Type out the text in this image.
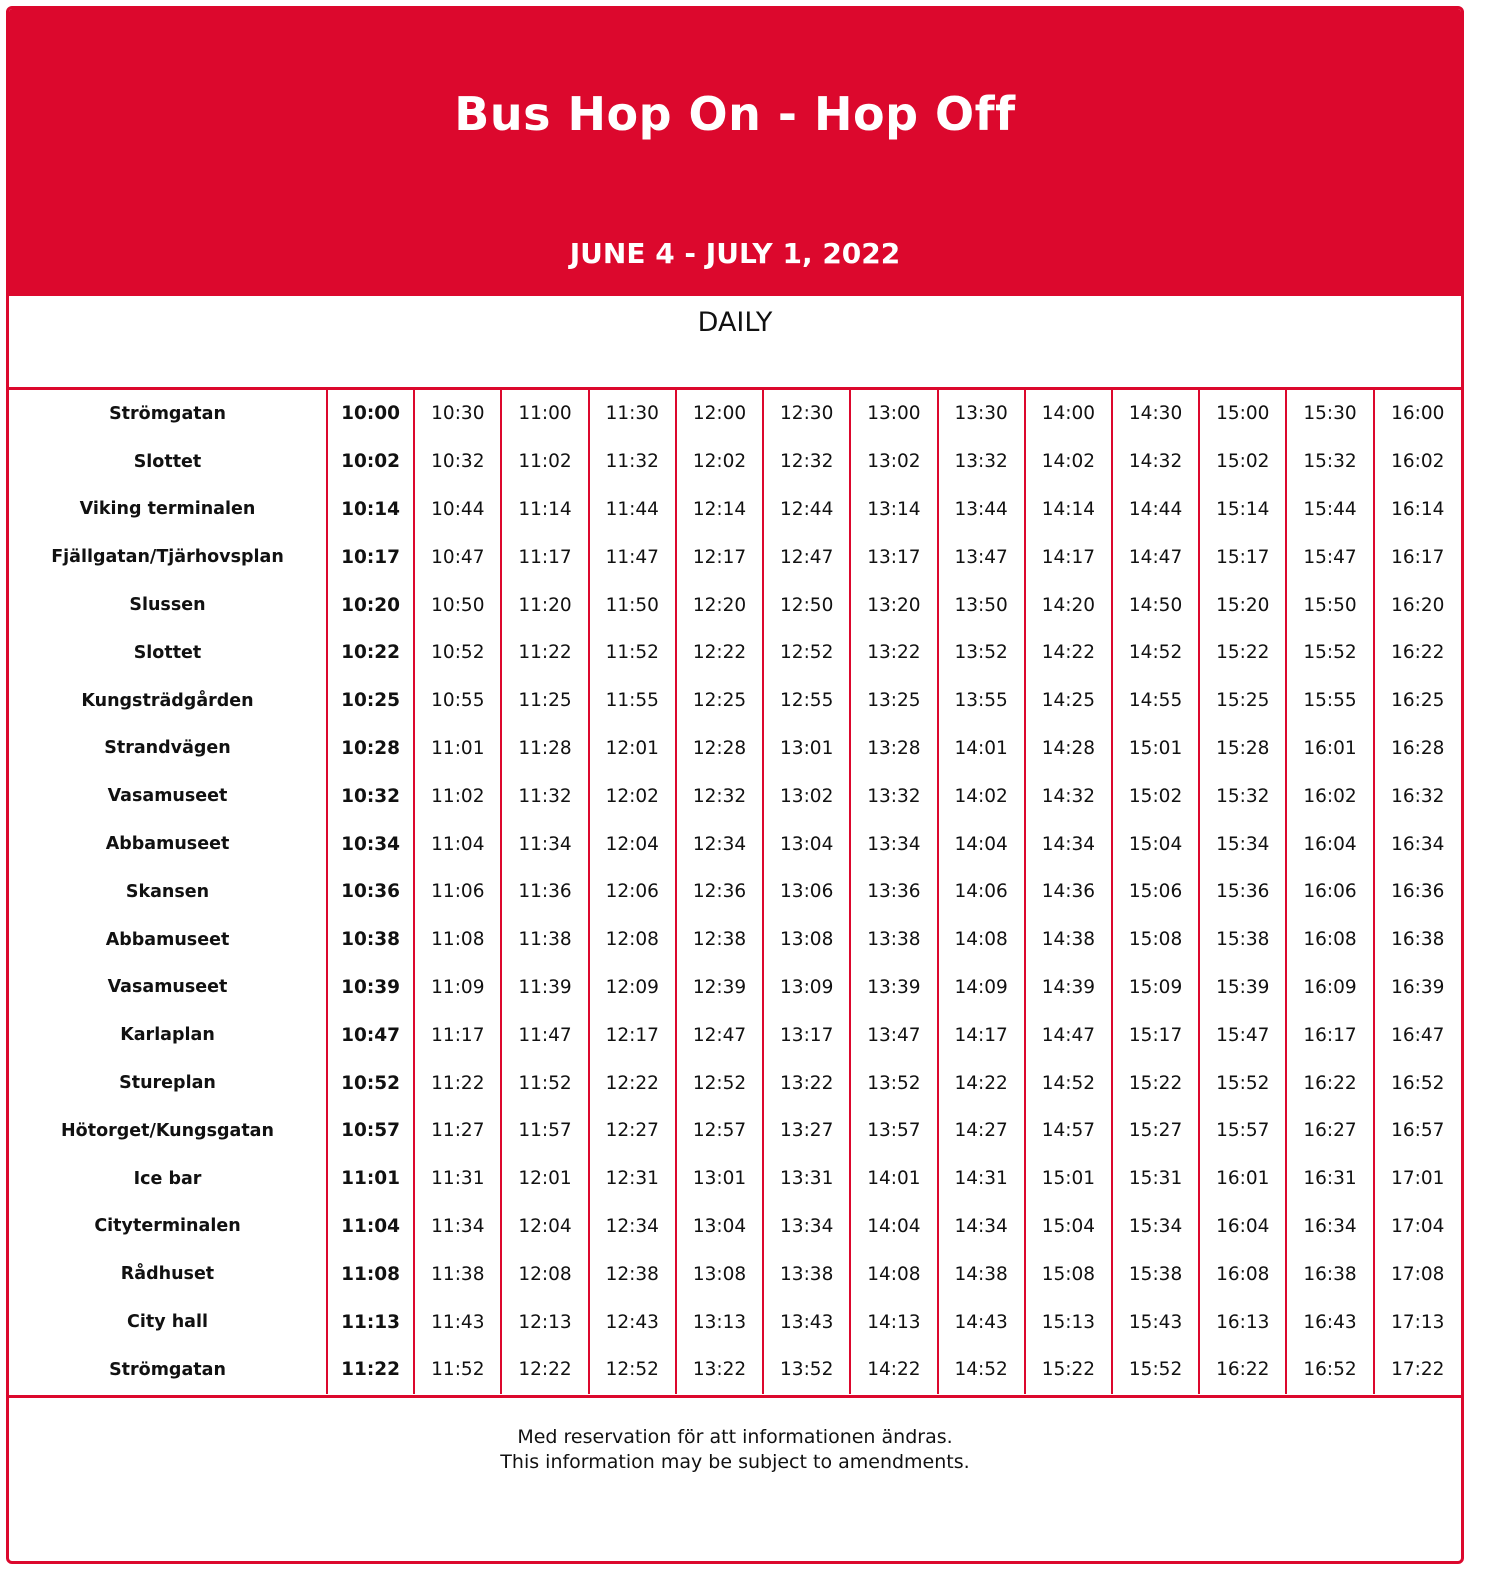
Bus Hop On - Hop Off
JUNE 4 - JULY 1, 2022
DAILY
Strömgatan	10:00	10:30	11:00	11:30	12:00	12:30	13:00	13:30	14:00	14:30	15:00	15:30	16:00
Slottet	10:02	10:32	11:02	11:32	12:02	12:32	13:02	13:32	14:02	14:32	15:02	15:32	16:02
Viking terminalen	10:14	10:44	11:14	11:44	12:14	12:44	13:14	13:44	14:14	14:44	15:14	15:44	16:14
Fjällgatan/Tjärhovsplan	10:17	10:47	11:17	11:47	12:17	12:47	13:17	13:47	14:17	14:47	15:17	15:47	16:17
Slussen	10:20	10:50	11:20	11:50	12:20	12:50	13:20	13:50	14:20	14:50	15:20	15:50	16:20
Slottet	10:22	10:52	11:22	11:52	12:22	12:52	13:22	13:52	14:22	14:52	15:22	15:52	16:22
Kungsträdgården	10:25	10:55	11:25	11:55	12:25	12:55	13:25	13:55	14:25	14:55	15:25	15:55	16:25
Strandvägen	10:28	11:01	11:28	12:01	12:28	13:01	13:28	14:01	14:28	15:01	15:28	16:01	16:28
Vasamuseet	10:32	11:02	11:32	12:02	12:32	13:02	13:32	14:02	14:32	15:02	15:32	16:02	16:32
Abbamuseet	10:34	11:04	11:34	12:04	12:34	13:04	13:34	14:04	14:34	15:04	15:34	16:04	16:34
Skansen	10:36	11:06	11:36	12:06	12:36	13:06	13:36	14:06	14:36	15:06	15:36	16:06	16:36
Abbamuseet	10:38	11:08	11:38	12:08	12:38	13:08	13:38	14:08	14:38	15:08	15:38	16:08	16:38
Vasamuseet	10:39	11:09	11:39	12:09	12:39	13:09	13:39	14:09	14:39	15:09	15:39	16:09	16:39
Karlaplan	10:47	11:17	11:47	12:17	12:47	13:17	13:47	14:17	14:47	15:17	15:47	16:17	16:47
Stureplan	10:52	11:22	11:52	12:22	12:52	13:22	13:52	14:22	14:52	15:22	15:52	16:22	16:52
Hötorget/Kungsgatan	10:57	11:27	11:57	12:27	12:57	13:27	13:57	14:27	14:57	15:27	15:57	16:27	16:57
Ice bar	11:01	11:31	12:01	12:31	13:01	13:31	14:01	14:31	15:01	15:31	16:01	16:31	17:01
Cityterminalen	11:04	11:34	12:04	12:34	13:04	13:34	14:04	14:34	15:04	15:34	16:04	16:34	17:04
Rådhuset	11:08	11:38	12:08	12:38	13:08	13:38	14:08	14:38	15:08	15:38	16:08	16:38	17:08
City hall	11:13	11:43	12:13	12:43	13:13	13:43	14:13	14:43	15:13	15:43	16:13	16:43	17:13
Strömgatan	11:22	11:52	12:22	12:52	13:22	13:52	14:22	14:52	15:22	15:52	16:22	16:52	17:22
Med reservation för att informationen ändras.
This information may be subject to amendments.
